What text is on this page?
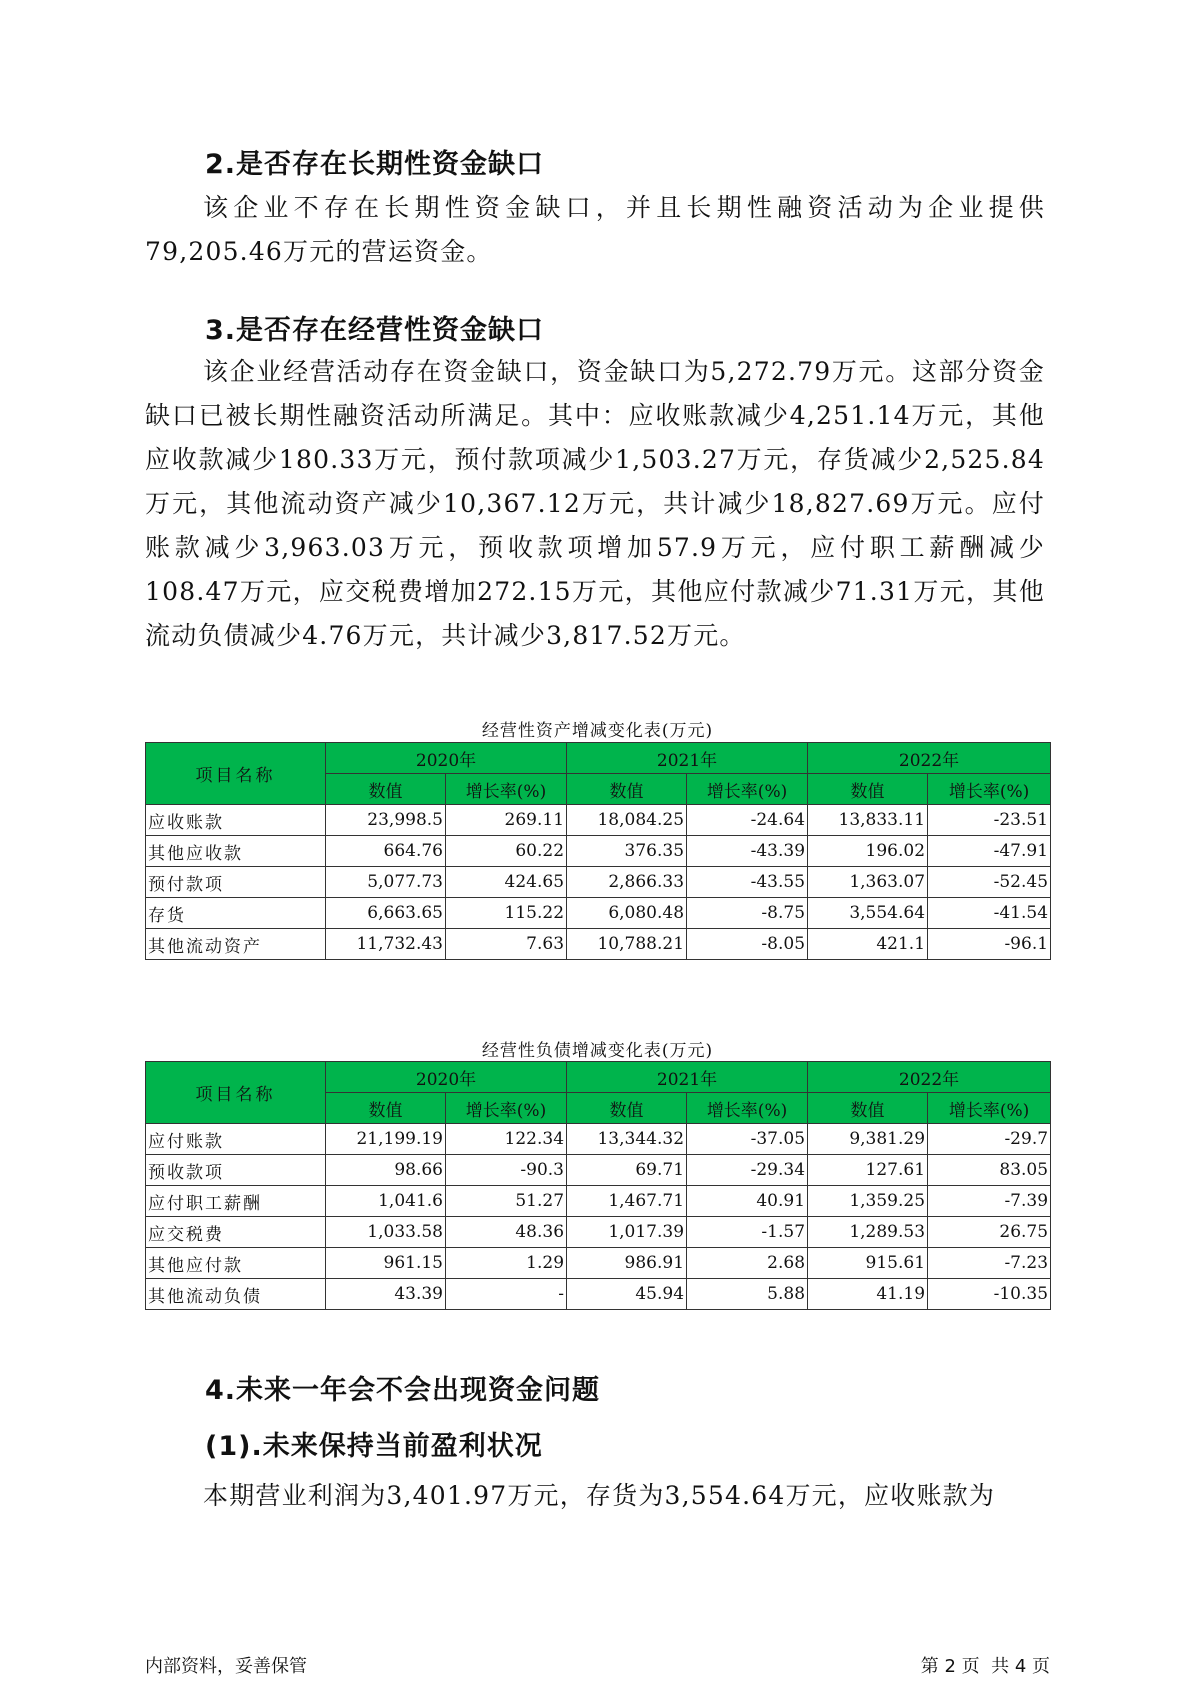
2.是否存在长期性资金缺口
该企业不存在长期性资金缺口，并且长期性融资活动为企业提供79,205.46万元的营运资金。
3.是否存在经营性资金缺口
该企业经营活动存在资金缺口，资金缺口为5,272.79万元。这部分资金缺口已被长期性融资活动所满足。其中：应收账款减少4,251.14万元，其他应收款减少180.33万元，预付款项减少1,503.27万元，存货减少2,525.84万元，其他流动资产减少10,367.12万元，共计减少18,827.69万元。应付账款减少3,963.03万元，预收款项增加57.9万元，应付职工薪酬减少108.47万元，应交税费增加272.15万元，其他应付款减少71.31万元，其他流动负债减少4.76万元，共计减少3,817.52万元。
经营性资产增减变化表(万元)
项目名称	2020年		2021年		2022年	
	数值	增长率(%)	数值	增长率(%)	数值	增长率(%)
应收账款	23,998.5	269.11	18,084.25	-24.64	13,833.11	-23.51
其他应收款	664.76	60.22	376.35	-43.39	196.02	-47.91
预付款项	5,077.73	424.65	2,866.33	-43.55	1,363.07	-52.45
存货	6,663.65	115.22	6,080.48	-8.75	3,554.64	-41.54
其他流动资产	11,732.43	7.63	10,788.21	-8.05	421.1	-96.1
经营性负债增减变化表(万元)
项目名称	2020年		2021年		2022年	
	数值	增长率(%)	数值	增长率(%)	数值	增长率(%)
应付账款	21,199.19	122.34	13,344.32	-37.05	9,381.29	-29.7
预收款项	98.66	-90.3	69.71	-29.34	127.61	83.05
应付职工薪酬	1,041.6	51.27	1,467.71	40.91	1,359.25	-7.39
应交税费	1,033.58	48.36	1,017.39	-1.57	1,289.53	26.75
其他应付款	961.15	1.29	986.91	2.68	915.61	-7.23
其他流动负债	43.39	-	45.94	5.88	41.19	-10.35
4.未来一年会不会出现资金问题
(1).未来保持当前盈利状况
本期营业利润为3,401.97万元，存货为3,554.64万元，应收账款为
内部资料，妥善保管	第 2 页  共 4 页
